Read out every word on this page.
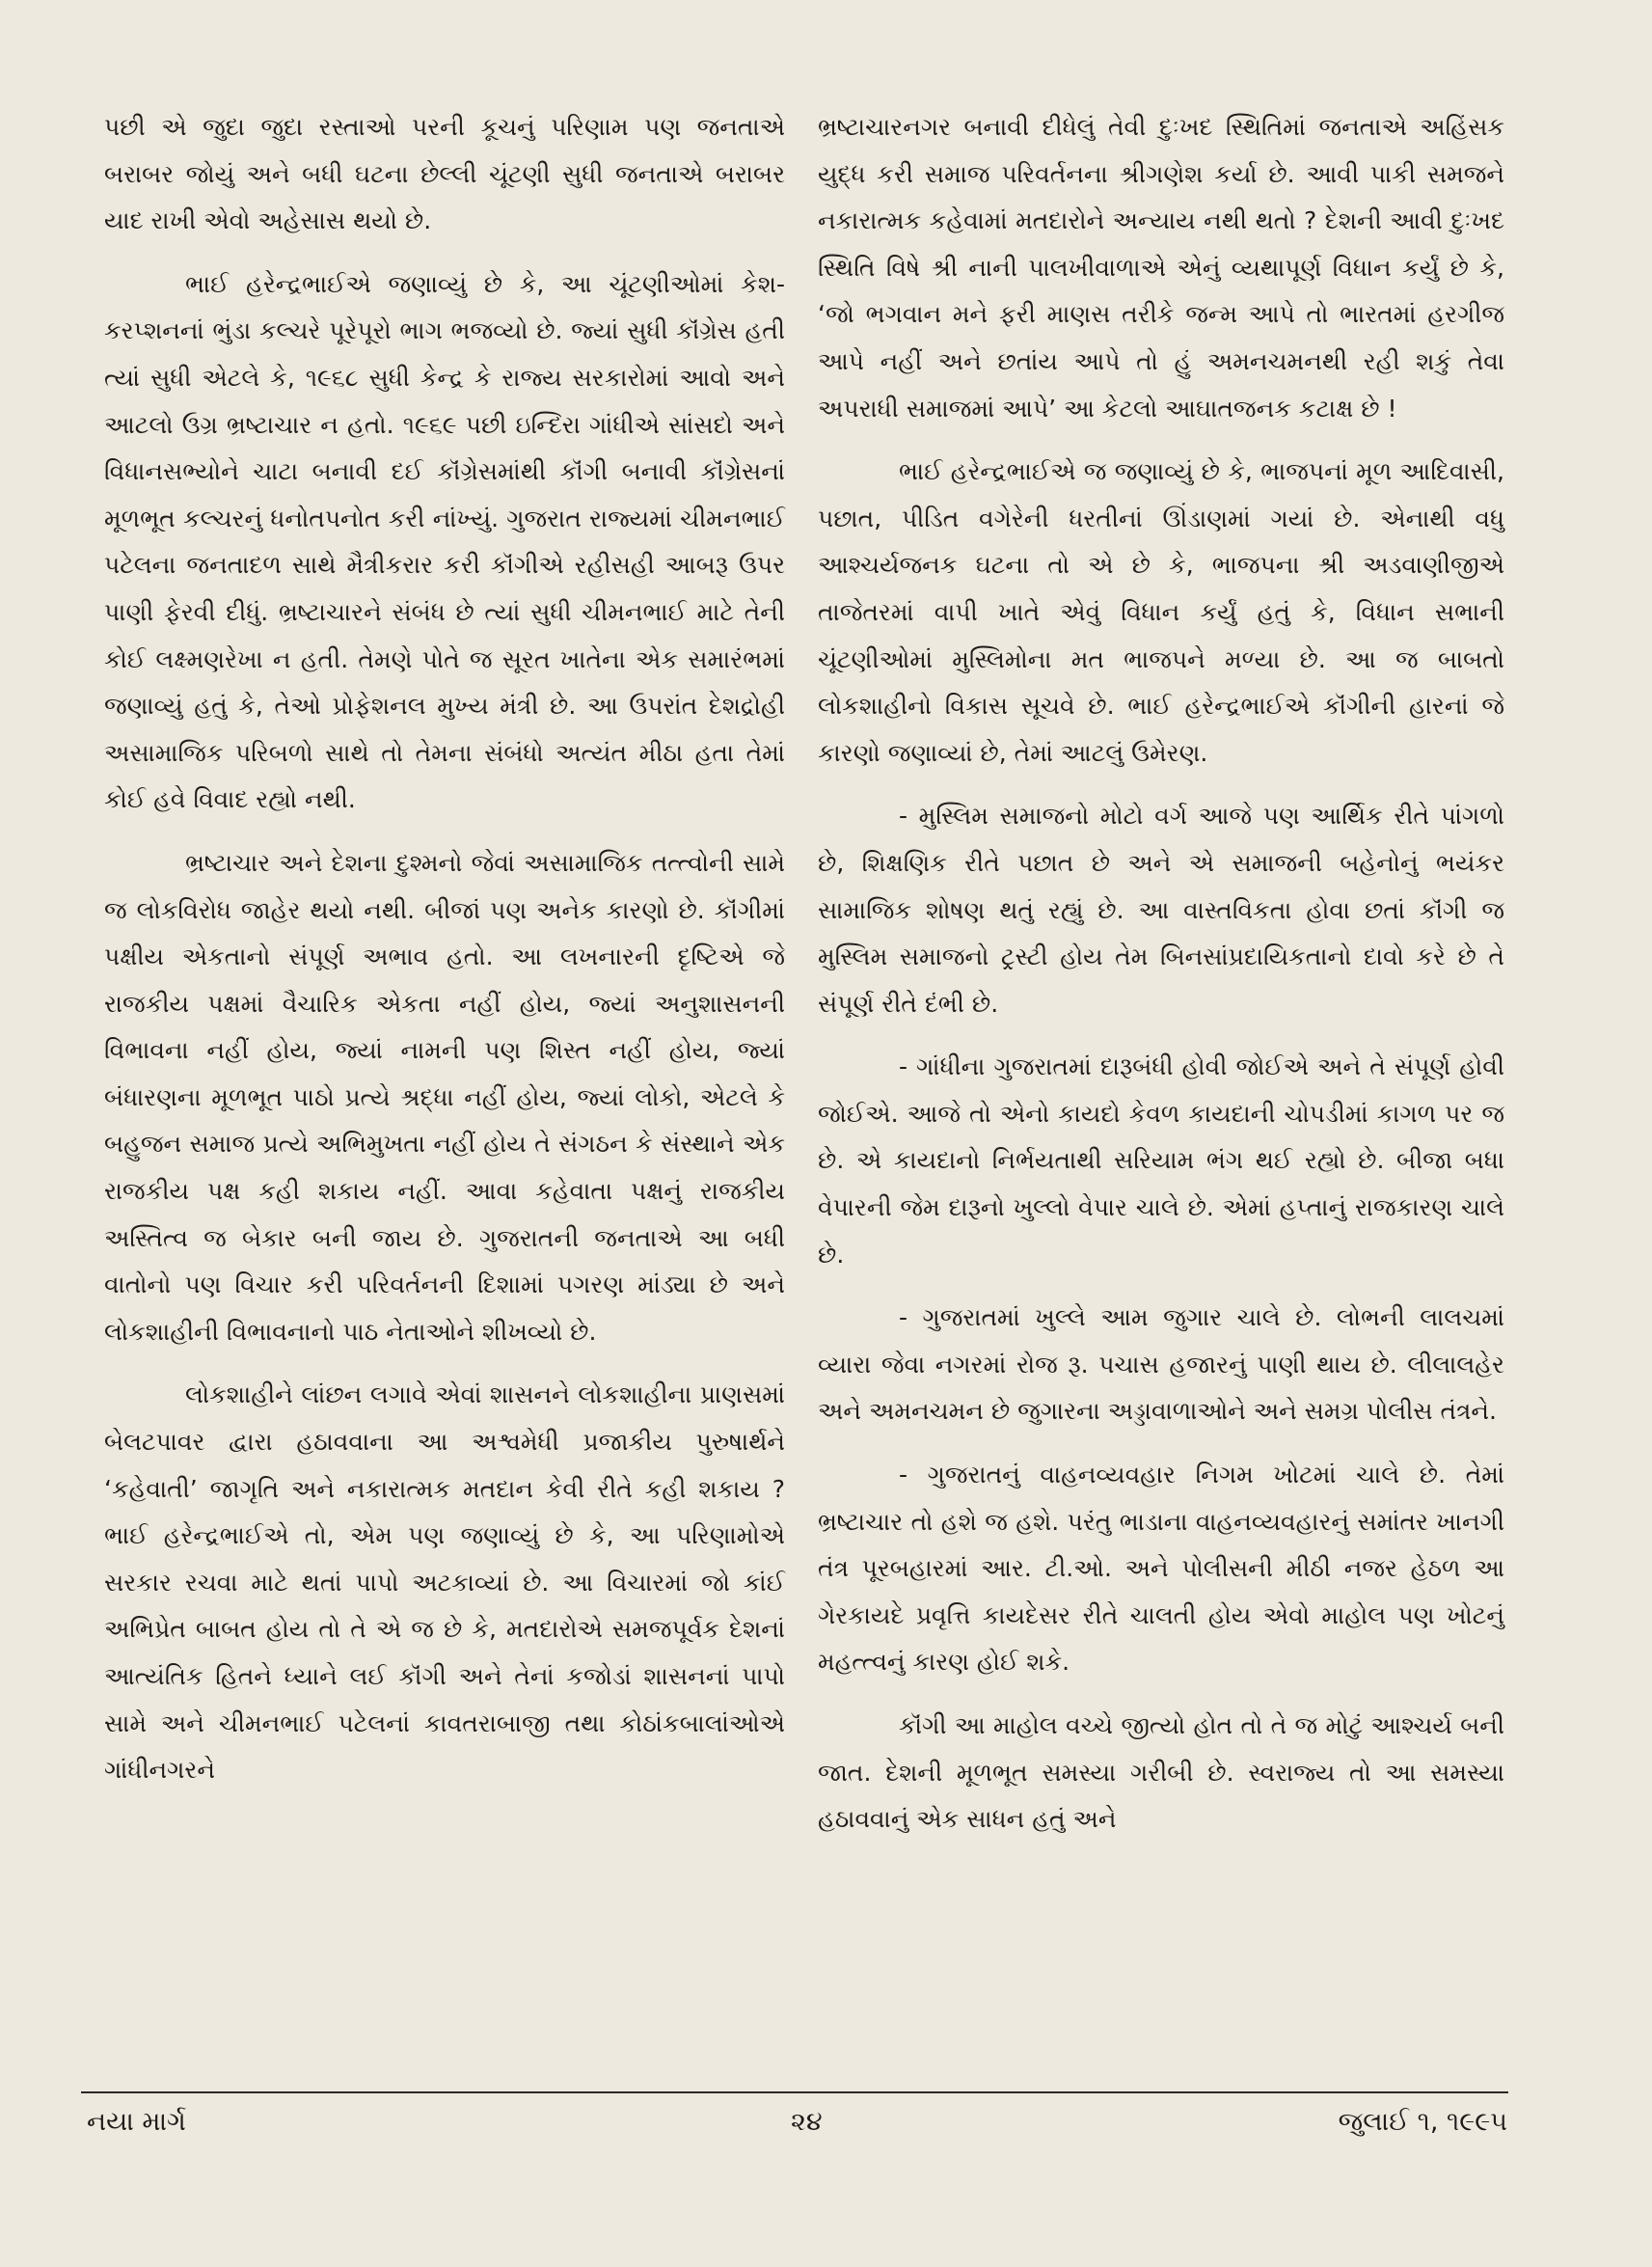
પછી એ જુદા જુદા રસ્તાઓ પરની કૂચનું પરિણામ પણ જનતાએ બરાબર જોયું અને બધી ઘટના છેલ્લી ચૂંટણી સુધી જનતાએ બરાબર યાદ રાખી એવો અહેસાસ થયો છે.

ભાઈ હરેન્દ્રભાઈએ જણાવ્યું છે કે, આ ચૂંટણીઓમાં કેશ-કરપ્શનનાં ભુંડા કલ્ચરે પૂરેપૂરો ભાગ ભજવ્યો છે. જ્યાં સુધી કૉંગ્રેસ હતી ત્યાં સુધી એટલે કે, ૧૯૬૮ સુધી કેન્દ્ર કે રાજ્ય સરકારોમાં આવો અને આટલો ઉગ્ર ભ્રષ્ટાચાર ન હતો. ૧૯૬૯ પછી ઇન્દિરા ગાંધીએ સાંસદો અને વિધાનસભ્યોને ચાટા બનાવી દઈ કૉંગ્રેસમાંથી કૉંગી બનાવી કૉંગ્રેસનાં મૂળભૂત કલ્ચરનું ધનોતપનોત કરી નાંખ્યું. ગુજરાત રાજ્યમાં ચીમનભાઈ પટેલના જનતાદળ સાથે મૈત્રીકરાર કરી કૉંગીએ રહીસહી આબરૂ ઉપર પાણી ફેરવી દીધું. ભ્રષ્ટાચારને સંબંધ છે ત્યાં સુધી ચીમનભાઈ માટે તેની કોઈ લક્ષ્મણરેખા ન હતી. તેમણે પોતે જ સૂરત ખાતેના એક સમારંભમાં જણાવ્યું હતું કે, તેઓ પ્રોફેશનલ મુખ્ય મંત્રી છે. આ ઉપરાંત દેશદ્રોહી અસામાજિક પરિબળો સાથે તો તેમના સંબંધો અત્યંત મીઠા હતા તેમાં કોઈ હવે વિવાદ રહ્યો નથી.

ભ્રષ્ટાચાર અને દેશના દુશ્મનો જેવાં અસામાજિક તત્ત્વોની સામે જ લોકવિરોધ જાહેર થયો નથી. બીજાં પણ અનેક કારણો છે. કૉંગીમાં પક્ષીય એકતાનો સંપૂર્ણ અભાવ હતો. આ લખનારની દૃષ્ટિએ જે રાજકીય પક્ષમાં વૈચારિક એકતા નહીં હોય, જ્યાં અનુશાસનની વિભાવના નહીં હોય, જ્યાં નામની પણ શિસ્ત નહીં હોય, જ્યાં બંધારણના મૂળભૂત પાઠો પ્રત્યે શ્રદ્ધા નહીં હોય, જ્યાં લોકો, એટલે કે બહુજન સમાજ પ્રત્યે અભિમુખતા નહીં હોય તે સંગઠન કે સંસ્થાને એક રાજકીય પક્ષ કહી શકાય નહીં. આવા કહેવાતા પક્ષનું રાજકીય અસ્તિત્વ જ બેકાર બની જાય છે. ગુજરાતની જનતાએ આ બધી વાતોનો પણ વિચાર કરી પરિવર્તનની દિશામાં પગરણ માંડ્યા છે અને લોકશાહીની વિભાવનાનો પાઠ નેતાઓને શીખવ્યો છે.

લોકશાહીને લાંછન લગાવે એવાં શાસનને લોકશાહીના પ્રાણસમાં બેલટપાવર દ્વારા હઠાવવાના આ અશ્વમેધી પ્રજાકીય પુરુષાર્થને ‘કહેવાતી’ જાગૃતિ અને નકારાત્મક મતદાન કેવી રીતે કહી શકાય ? ભાઈ હરેન્દ્રભાઈએ તો, એમ પણ જણાવ્યું છે કે, આ પરિણામોએ સરકાર રચવા માટે થતાં પાપો અટકાવ્યાં છે. આ વિચારમાં જો કાંઈ અભિપ્રેત બાબત હોય તો તે એ જ છે કે, મતદારોએ સમજપૂર્વક દેશનાં આત્યંતિક હિતને ધ્યાને લઈ કૉંગી અને તેનાં કજોડાં શાસનનાં પાપો સામે અને ચીમનભાઈ પટેલનાં કાવતરાબાજી તથા કોઠાંકબાલાંઓએ ગાંધીનગરને

ભ્રષ્ટાચારનગર બનાવી દીધેલું તેવી દુઃખદ સ્થિતિમાં જનતાએ અહિંસક યુદ્ધ કરી સમાજ પરિવર્તનના શ્રીગણેશ કર્યા છે. આવી પાકી સમજને નકારાત્મક કહેવામાં મતદારોને અન્યાય નથી થતો ? દેશની આવી દુઃખદ સ્થિતિ વિષે શ્રી નાની પાલખીવાળાએ એનું વ્યથાપૂર્ણ વિધાન કર્યું છે કે, ‘જો ભગવાન મને ફરી માણસ તરીકે જન્મ આપે તો ભારતમાં હરગીજ આપે નહીં અને છતાંય આપે તો હું અમનચમનથી રહી શકું તેવા અપરાધી સમાજમાં આપે’ આ કેટલો આઘાતજનક કટાક્ષ છે !

ભાઈ હરેન્દ્રભાઈએ જ જણાવ્યું છે કે, ભાજપનાં મૂળ આદિવાસી, પછાત, પીડિત વગેરેની ધરતીનાં ઊંડાણમાં ગયાં છે. એનાથી વધુ આશ્ચર્યજનક ઘટના તો એ છે કે, ભાજપના શ્રી અડવાણીજીએ તાજેતરમાં વાપી ખાતે એવું વિધાન કર્યું હતું કે, વિધાન સભાની ચૂંટણીઓમાં મુસ્લિમોના મત ભાજપને મળ્યા છે. આ જ બાબતો લોકશાહીનો વિકાસ સૂચવે છે. ભાઈ હરેન્દ્રભાઈએ કૉંગીની હારનાં જે કારણો જણાવ્યાં છે, તેમાં આટલું ઉમેરણ.

- મુસ્લિમ સમાજનો મોટો વર્ગ આજે પણ આર્થિક રીતે પાંગળો છે, શિક્ષણિક રીતે પછાત છે અને એ સમાજની બહેનોનું ભયંકર સામાજિક શોષણ થતું રહ્યું છે. આ વાસ્તવિકતા હોવા છતાં કૉંગી જ મુસ્લિમ સમાજનો ટ્રસ્ટી હોય તેમ બિનસાંપ્રદાયિકતાનો દાવો કરે છે તે સંપૂર્ણ રીતે દંભી છે.

- ગાંધીના ગુજરાતમાં દારૂબંધી હોવી જોઈએ અને તે સંપૂર્ણ હોવી જોઈએ. આજે તો એનો કાયદો કેવળ કાયદાની ચોપડીમાં કાગળ પર જ છે. એ કાયદાનો નિર્ભયતાથી સરિયામ ભંગ થઈ રહ્યો છે. બીજા બધા વેપારની જેમ દારૂનો ખુલ્લો વેપાર ચાલે છે. એમાં હપ્તાનું રાજકારણ ચાલે છે.

- ગુજરાતમાં ખુલ્લે આમ જુગાર ચાલે છે. લોભની લાલચમાં વ્યારા જેવા નગરમાં રોજ રૂ. પચાસ હજારનું પાણી થાય છે. લીલાલહેર અને અમનચમન છે જુગારના અડ્ડાવાળાઓને અને સમગ્ર પોલીસ તંત્રને.

- ગુજરાતનું વાહનવ્યવહાર નિગમ ખોટમાં ચાલે છે. તેમાં ભ્રષ્ટાચાર તો હશે જ હશે. પરંતુ ભાડાના વાહનવ્યવહારનું સમાંતર ખાનગી તંત્ર પૂરબહારમાં આર. ટી.ઓ. અને પોલીસની મીઠી નજર હેઠળ આ ગેરકાયદે પ્રવૃત્તિ કાયદેસર રીતે ચાલતી હોય એવો માહોલ પણ ખોટનું મહત્ત્વનું કારણ હોઈ શકે.

કૉંગી આ માહોલ વચ્ચે જીત્યો હોત તો તે જ મોટું આશ્ચર્ય બની જાત. દેશની મૂળભૂત સમસ્યા ગરીબી છે. સ્વરાજ્ય તો આ સમસ્યા હઠાવવાનું એક સાધન હતું અને

નયા માર્ગ	૨૪	જુલાઈ ૧, ૧૯૯૫
